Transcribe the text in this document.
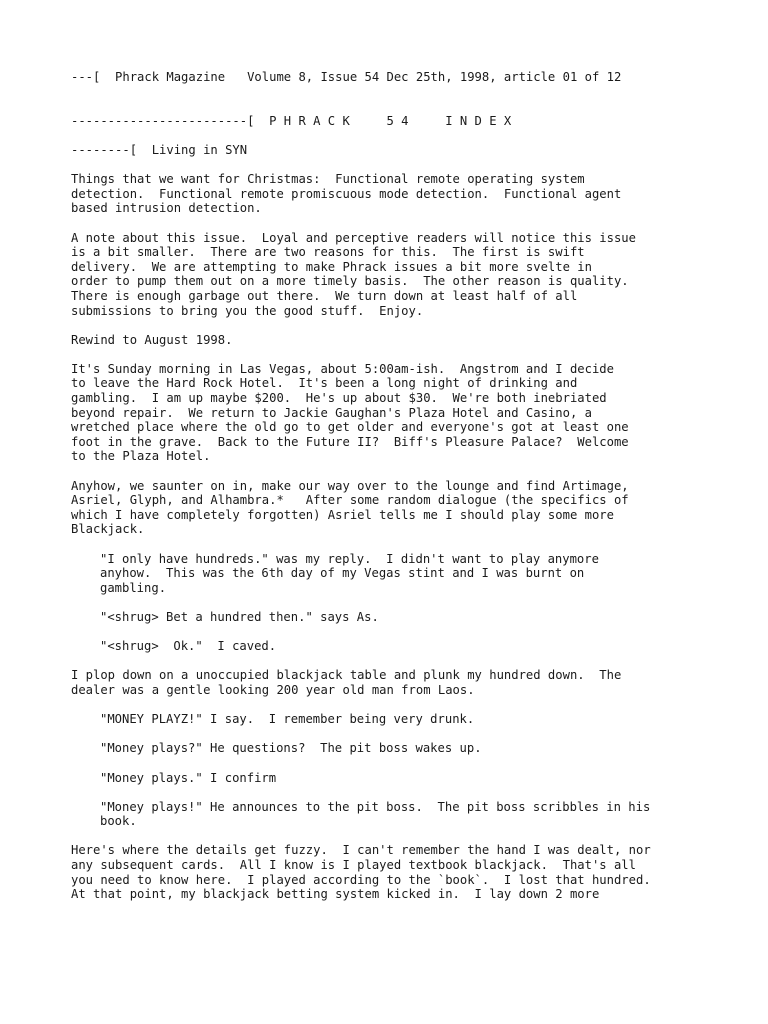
---[  Phrack Magazine   Volume 8, Issue 54 Dec 25th, 1998, article 01 of 12
------------------------[  P H R A C K     5 4     I N D E X
--------[  Living in SYN
Things that we want for Christmas:  Functional remote operating system
detection.  Functional remote promiscuous mode detection.  Functional agent
based intrusion detection.
A note about this issue.  Loyal and perceptive readers will notice this issue
is a bit smaller.  There are two reasons for this.  The first is swift
delivery.  We are attempting to make Phrack issues a bit more svelte in
order to pump them out on a more timely basis.  The other reason is quality.
There is enough garbage out there.  We turn down at least half of all
submissions to bring you the good stuff.  Enjoy.
Rewind to August 1998.
It's Sunday morning in Las Vegas, about 5:00am-ish.  Angstrom and I decide
to leave the Hard Rock Hotel.  It's been a long night of drinking and
gambling.  I am up maybe $200.  He's up about $30.  We're both inebriated
beyond repair.  We return to Jackie Gaughan's Plaza Hotel and Casino, a
wretched place where the old go to get older and everyone's got at least one
foot in the grave.  Back to the Future II?  Biff's Pleasure Palace?  Welcome
to the Plaza Hotel.
Anyhow, we saunter on in, make our way over to the lounge and find Artimage,
Asriel, Glyph, and Alhambra.*   After some random dialogue (the specifics of
which I have completely forgotten) Asriel tells me I should play some more
Blackjack.
"I only have hundreds." was my reply.  I didn't want to play anymore
anyhow.  This was the 6th day of my Vegas stint and I was burnt on
gambling.
"<shrug> Bet a hundred then." says As.
"<shrug>  Ok."  I caved.
I plop down on a unoccupied blackjack table and plunk my hundred down.  The
dealer was a gentle looking 200 year old man from Laos.
"MONEY PLAYZ!" I say.  I remember being very drunk.
"Money plays?" He questions?  The pit boss wakes up.
"Money plays." I confirm
"Money plays!" He announces to the pit boss.  The pit boss scribbles in his
book.
Here's where the details get fuzzy.  I can't remember the hand I was dealt, nor
any subsequent cards.  All I know is I played textbook blackjack.  That's all
you need to know here.  I played according to the `book`.  I lost that hundred.
At that point, my blackjack betting system kicked in.  I lay down 2 more
